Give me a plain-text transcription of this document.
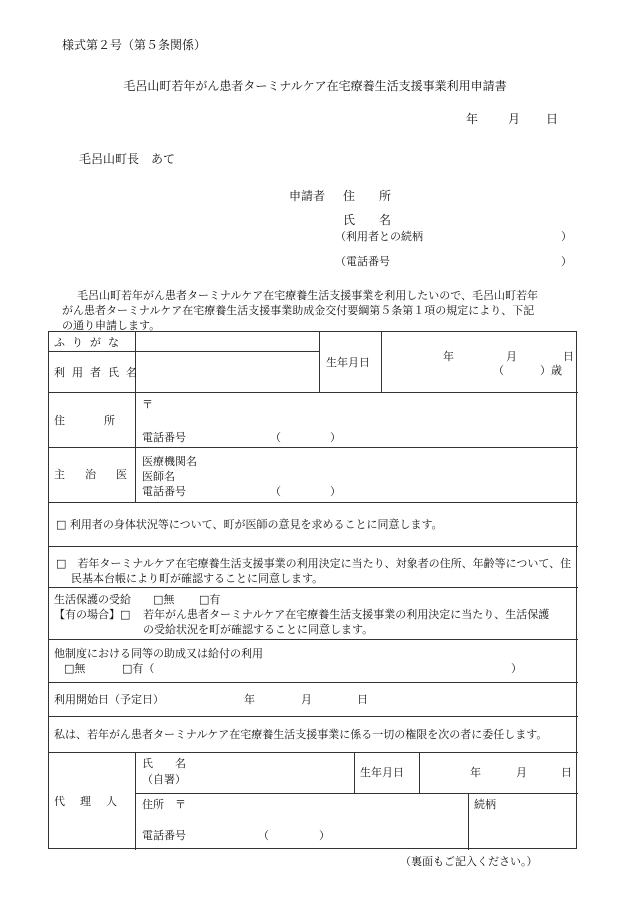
様式第２号（第５条関係）
毛呂山町若年がん患者ターミナルケア在宅療養生活支援事業利用申請書
年 月 日
毛呂山町長　あて
申請者 住　　所
氏　　名
（利用者との続柄	）
（電話番号	）
毛呂山町若年がん患者ターミナルケア在宅療養生活支援事業を利用したいので、毛呂山町若年
がん患者ターミナルケア在宅療養生活支援事業助成金交付要綱第５条第１項の規定により、下記
の通り申請します。
ふりがな
利用者氏名
生年月日	年	月	日
（	）歳
住　所
〒
電話番号	（	）
主治医
医療機関名
医師名
電話番号	（	）
□ 利用者の身体状況等について、町が医師の意見を求めることに同意します。
□　若年ターミナルケア在宅療養生活支援事業の利用決定に当たり、対象者の住所、年齢等について、住
民基本台帳により町が確認することに同意します。
生活保護の受給 □無 □有
【有の場合】□ 若年がん患者ターミナルケア在宅療養生活支援事業の利用決定に当たり、生活保護
の受給状況を町が確認することに同意します。
他制度における同等の助成又は給付の利用
□無	□有（	）
利用開始日（予定日）	年	月	日
私は、若年がん患者ターミナルケア在宅療養生活支援事業に係る一切の権限を次の者に委任します。
代理人
氏　　名
（自署）
生年月日	年	月	日
住所　〒	続柄
電話番号	（	）
（裏面もご記入ください。）
